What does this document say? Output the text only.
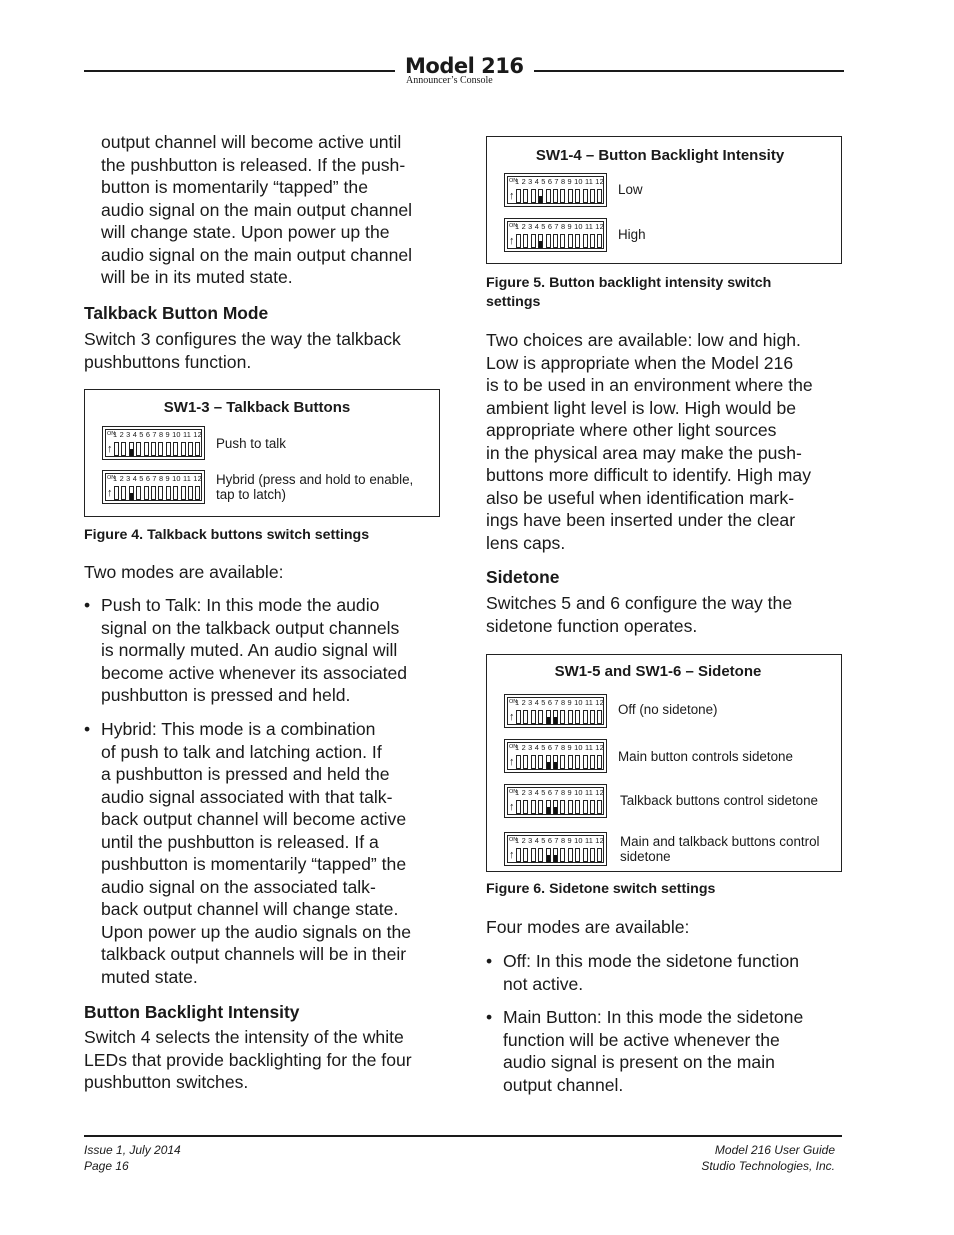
Model 216
Announcer’s Console
output channel will become active until
the pushbutton is released. If the push-
button is momentarily “tapped” the
audio signal on the main output channel
will change state. Upon power up the
audio signal on the main output channel
will be in its muted state.
Talkback Button Mode
Switch 3 configures the way the talkback
pushbuttons function.
SW1-3 – Talkback Buttons
ON
↑
1 2 3 4 5 6 7 8 9 10 11 12
Push to talk
ON
↑
1 2 3 4 5 6 7 8 9 10 11 12 Hybrid (press and hold to enable,
tap to latch)
Figure 4. Talkback buttons switch settings
Two modes are available:
• Push to Talk: In this mode the audio
signal on the talkback output channels
is normally muted. An audio signal will
become active whenever its associated
pushbutton is pressed and held.
• Hybrid: This mode is a combination
of push to talk and latching action. If
a pushbutton is pressed and held the
audio signal associated with that talk-
back output channel will become active
until the pushbutton is released. If a
pushbutton is momentarily “tapped” the
audio signal on the associated talk-
back output channel will change state.
Upon power up the audio signals on the
talkback output channels will be in their
muted state.
Button Backlight Intensity
Switch 4 selects the intensity of the white
LEDs that provide backlighting for the four
pushbutton switches.
SW1-4 – Button Backlight Intensity
ON
↑
1 2 3 4 5 6 7 8 9 10 11 12
Low
ON
↑
1 2 3 4 5 6 7 8 9 10 11 12
High
Figure 5. Button backlight intensity switch
settings
Two choices are available: low and high.
Low is appropriate when the Model 216
is to be used in an environment where the
ambient light level is low. High would be
appropriate where other light sources
in the physical area may make the push-
buttons more difficult to identify. High may
also be useful when identification mark-
ings have been inserted under the clear
lens caps.
Sidetone
Switches 5 and 6 configure the way the
sidetone function operates.
SW1-5 and SW1-6 – Sidetone
ON
↑
1 2 3 4 5 6 7 8 9 10 11 12 Off (no sidetone)
ON
↑
1 2 3 4 5 6 7 8 9 10 11 12
Main button controls sidetone
ON
↑
1 2 3 4 5 6 7 8 9 10 11 12
Talkback buttons control sidetone
ON
↑
1 2 3 4 5 6 7 8 9 10 11 12 Main and talkback buttons control
sidetone
Figure 6. Sidetone switch settings
Four modes are available:
• Off: In this mode the sidetone function
not active.
• Main Button: In this mode the sidetone
function will be active whenever the
audio signal is present on the main
output channel.
Issue 1, July 2014
Page 16
Model 216 User Guide
Studio Technologies, Inc.
